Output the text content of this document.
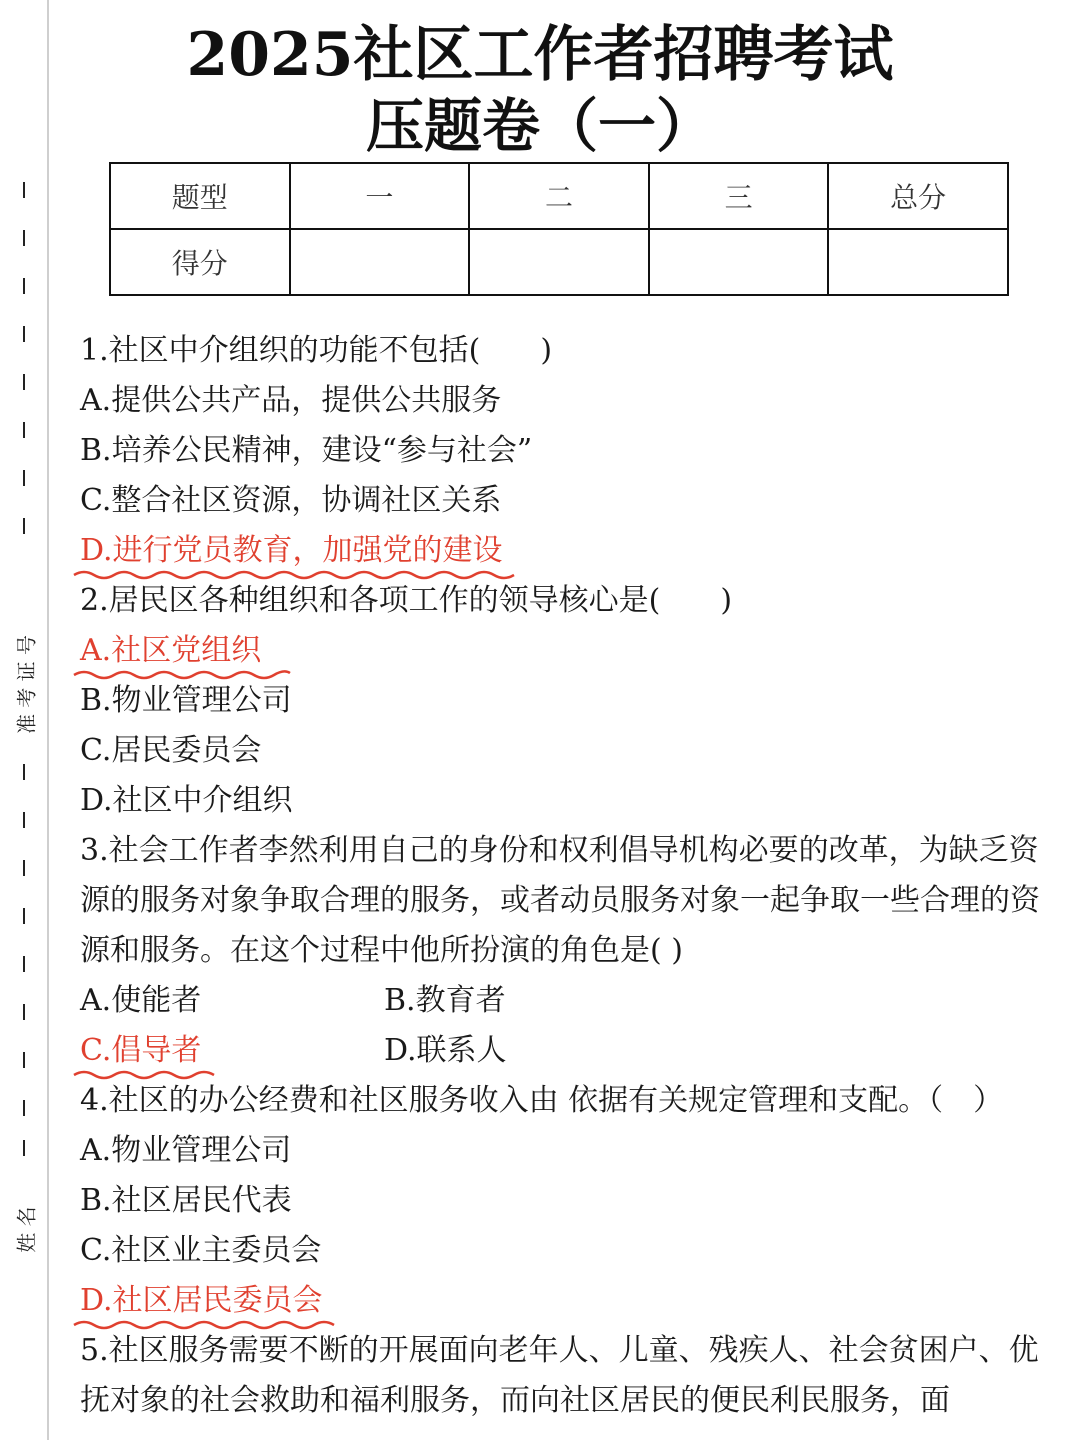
准 考 证 号
姓 名
2025社区工作者招聘考试
压题卷（一）
题型	一	二	三	总分
得分				
1.社区中介组织的功能不包括(　　)
A.提供公共产品，提供公共服务
B.培养公民精神，建设“参与社会”
C.整合社区资源，协调社区关系
D.进行党员教育，加强党的建设
2.居民区各种组织和各项工作的领导核心是(　　)
A.社区党组织
B.物业管理公司
C.居民委员会
D.社区中介组织
3.社会工作者李然利用自己的身份和权利倡导机构必要的改革，为缺乏资源的服务对象争取合理的服务，或者动员服务对象一起争取一些合理的资源和服务。在这个过程中他所扮演的角色是( )
A.使能者	B.教育者
C.倡导者	D.联系人
4.社区的办公经费和社区服务收入由 依据有关规定管理和支配。（　）
A.物业管理公司
B.社区居民代表
C.社区业主委员会
D.社区居民委员会
5.社区服务需要不断的开展面向老年人、儿童、残疾人、社会贫困户、优抚对象的社会救助和福利服务，而向社区居民的便民利民服务，面
